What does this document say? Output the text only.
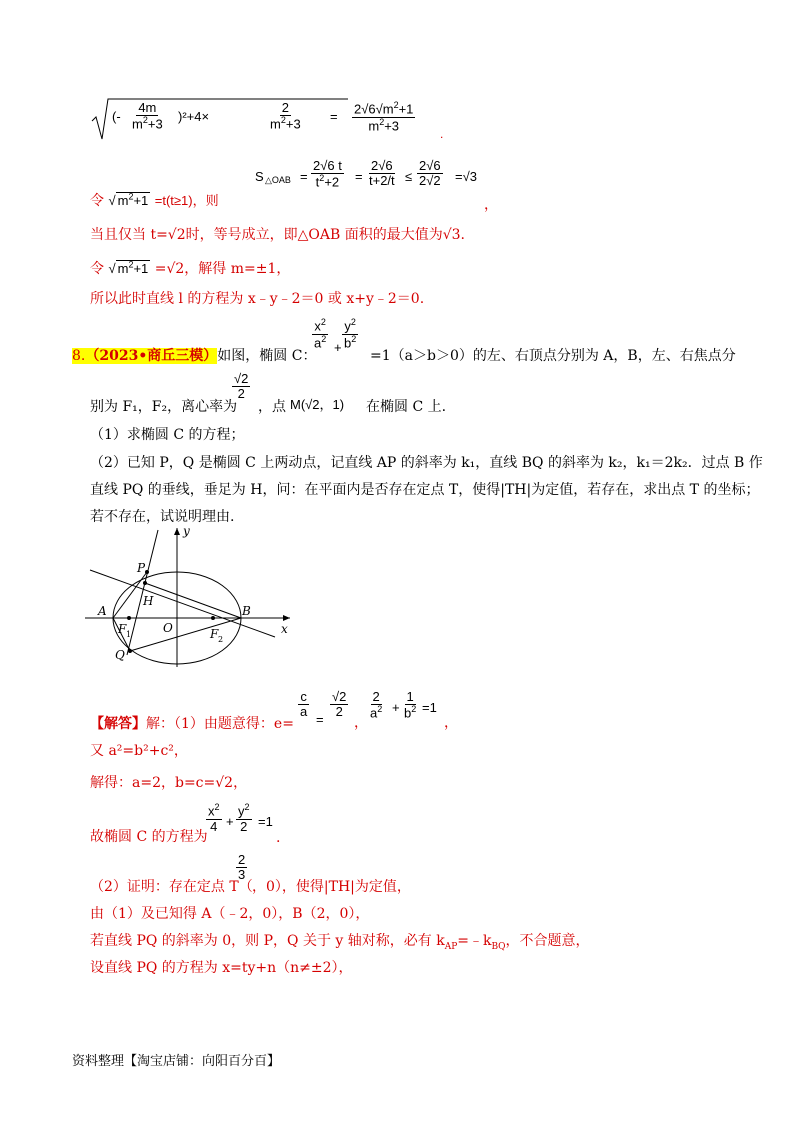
(- $\frac{4m}{m^2+3} )^2+4\times$	$\frac{2}{m^2+3} = \frac{2√6√m^2+1}{m^2+3}$
.
S △OAB = $\frac{2√6 t}{t^2+2} = \frac{2√6}{t+2/t} \le \frac{2√6}{2√2} =√3$
令 √ $m^2+1 =t(t\ge 1)$，则	，
当且仅当 t=√2时，等号成立，即△OAB 面积的最大值为√3.
令 √ $m^2+1 =√2$，解得 m=±1，
所以此时直线 l 的方程为 x﹣y﹣2＝0 或 x+y﹣2＝0.
8.（2023•商丘三模）如图，椭圆 C：
$\frac{x^2}{a^2} + \frac{y^2}{b^2}$
=1（a＞b＞0）的左、右顶点分别为 A，B，左、右焦点分
别为 F₁，F₂，离心率为
$\frac{√2}{2}$
，点 M(√2，1) 在椭圆 C 上.
（1）求椭圆 C 的方程；
（2）已知 P，Q 是椭圆 C 上两动点，记直线 AP 的斜率为 k₁，直线 BQ 的斜率为 k₂，k₁＝2k₂．过点 B 作
直线 PQ 的垂线，垂足为 H，问：在平面内是否存在定点 T，使得|TH|为定值，若存在，求出点 T 的坐标；
若不存在，试说明理由.
y
x
P
H
A	B
O
F 1	F 2
Q
【解答】解：（1）由题意得：e=
$\frac{c}{a} = \frac{√2}{2}$
，
$\frac{2}{a^2} + \frac{1}{b^2} =1$
，
又 a²=b²+c²，
解得：a=2，b=c=√2，
故椭圆 C 的方程为
$\frac{x^2}{4} + \frac{y^2}{2} =1$
.
（2）证明：存在定点 T（
$\frac{2}{3}$
，0），使得|TH|为定值，
由（1）及已知得 A（﹣2，0），B（2，0），
若直线 PQ 的斜率为 0，则 P，Q 关于 y 轴对称，必有 $k_{AP}=﹣k_{BQ}$，不合题意，
设直线 PQ 的方程为 x=ty+n（n≠±2），
资料整理【淘宝店铺：向阳百分百】
